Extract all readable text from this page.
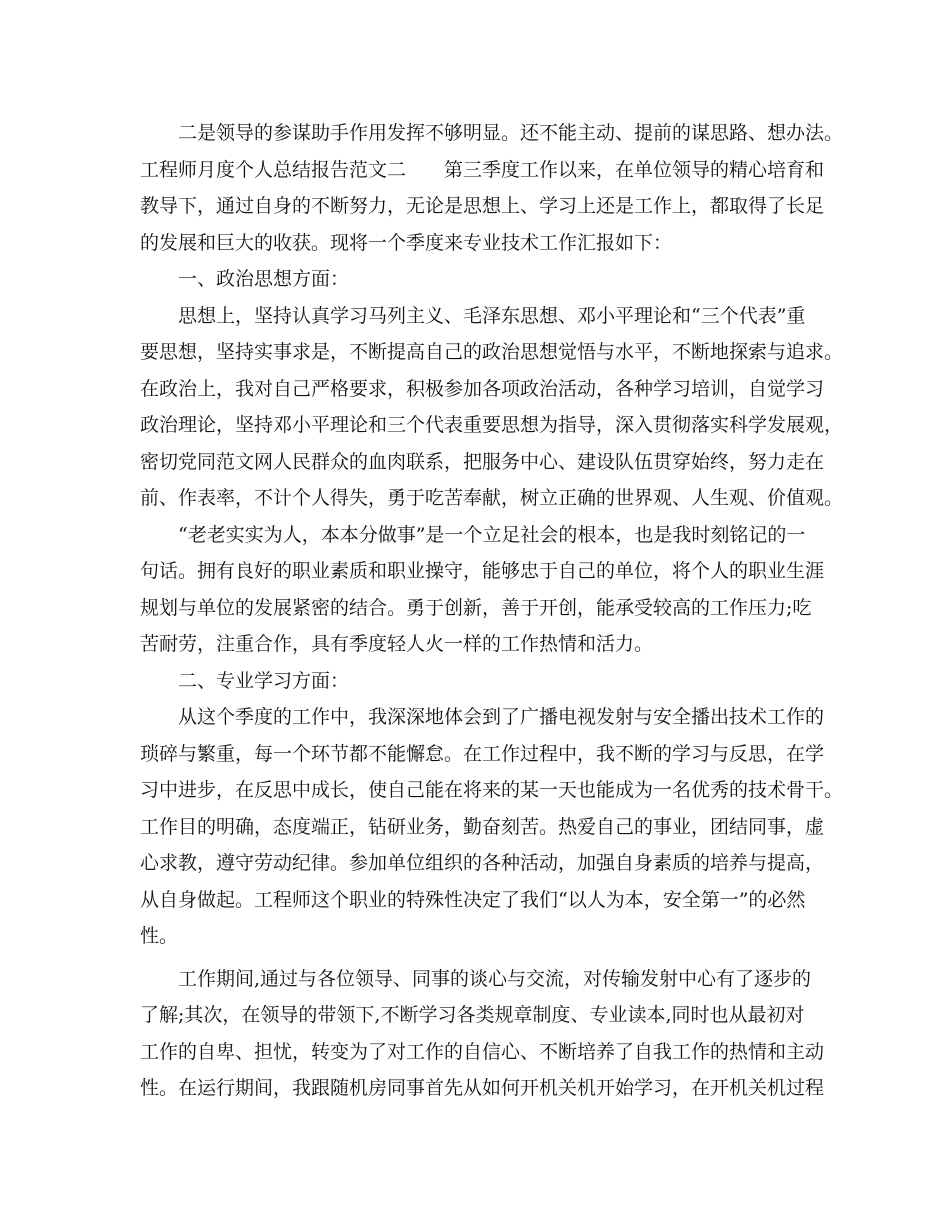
二是领导的参谋助手作用发挥不够明显。还不能主动、提前的谋思路、想办法。
工程师月度个人总结报告范文二　　第三季度工作以来，在单位领导的精心培育和
教导下，通过自身的不断努力，无论是思想上、学习上还是工作上，都取得了长足
的发展和巨大的收获。现将一个季度来专业技术工作汇报如下：
一、政治思想方面：
思想上，坚持认真学习马列主义、毛泽东思想、邓小平理论和“三个代表”重
要思想，坚持实事求是，不断提高自己的政治思想觉悟与水平，不断地探索与追求。
在政治上，我对自己严格要求，积极参加各项政治活动，各种学习培训，自觉学习
政治理论，坚持邓小平理论和三个代表重要思想为指导，深入贯彻落实科学发展观，
密切党同范文网人民群众的血肉联系，把服务中心、建设队伍贯穿始终，努力走在
前、作表率，不计个人得失，勇于吃苦奉献，树立正确的世界观、人生观、价值观。
“老老实实为人，本本分做事”是一个立足社会的根本，也是我时刻铭记的一
句话。拥有良好的职业素质和职业操守，能够忠于自己的单位，将个人的职业生涯
规划与单位的发展紧密的结合。勇于创新，善于开创，能承受较高的工作压力;吃
苦耐劳，注重合作，具有季度轻人火一样的工作热情和活力。
二、专业学习方面：
从这个季度的工作中，我深深地体会到了广播电视发射与安全播出技术工作的
琐碎与繁重，每一个环节都不能懈怠。在工作过程中，我不断的学习与反思，在学
习中进步，在反思中成长，使自己能在将来的某一天也能成为一名优秀的技术骨干。
工作目的明确，态度端正，钻研业务，勤奋刻苦。热爱自己的事业，团结同事，虚
心求教，遵守劳动纪律。参加单位组织的各种活动，加强自身素质的培养与提高，
从自身做起。工程师这个职业的特殊性决定了我们“以人为本，安全第一”的必然
性。
工作期间,通过与各位领导、同事的谈心与交流，对传输发射中心有了逐步的
了解;其次，在领导的带领下,不断学习各类规章制度、专业读本,同时也从最初对
工作的自卑、担忧，转变为了对工作的自信心、不断培养了自我工作的热情和主动
性。在运行期间，我跟随机房同事首先从如何开机关机开始学习，在开机关机过程
